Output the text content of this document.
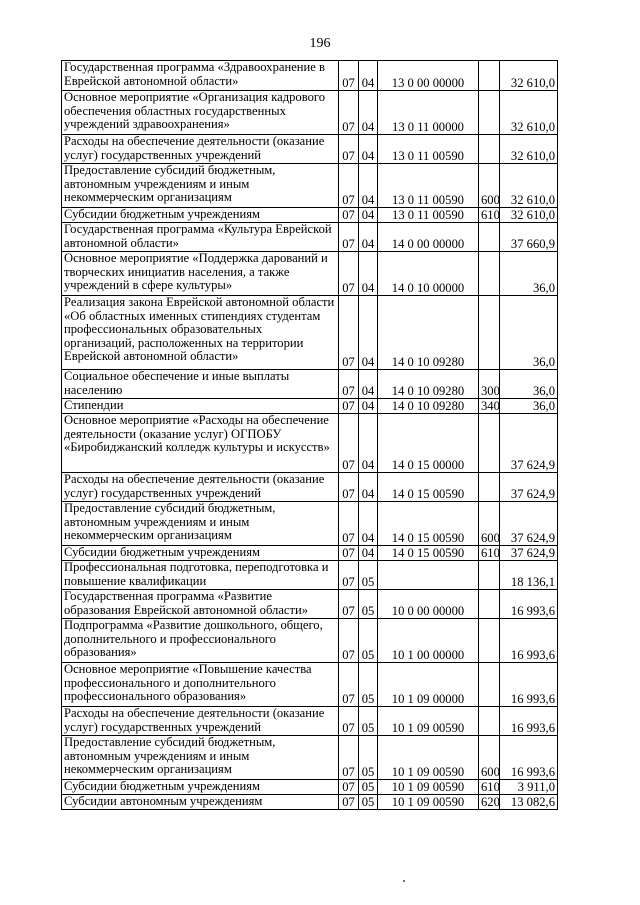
196
Государственная программа «Здравоохранение в Еврейской автономной области»	07	04	13 0 00 00000		32 610,0
Основное мероприятие «Организация кадрового обеспечения областных государственных учреждений здравоохранения»	07	04	13 0 11 00000		32 610,0
Расходы на обеспечение деятельности (оказание услуг) государственных учреждений	07	04	13 0 11 00590		32 610,0
Предоставление субсидий бюджетным, автономным учреждениям и иным некоммерческим организациям	07	04	13 0 11 00590	600	32 610,0
Субсидии бюджетным учреждениям	07	04	13 0 11 00590	610	32 610,0
Государственная программа «Культура Еврейской автономной области»	07	04	14 0 00 00000		37 660,9
Основное мероприятие «Поддержка дарований и творческих инициатив населения, а также учреждений в сфере культуры»	07	04	14 0 10 00000		36,0
Реализация закона Еврейской автономной области «Об областных именных стипендиях студентам профессиональных образовательных организаций, расположенных на территории Еврейской автономной области»	07	04	14 0 10 09280		36,0
Социальное обеспечение и иные выплаты населению	07	04	14 0 10 09280	300	36,0
Стипендии	07	04	14 0 10 09280	340	36,0
Основное мероприятие «Расходы на обеспечение деятельности (оказание услуг) ОГПОБУ «Биробиджанский колледж культуры и искусств»	07	04	14 0 15 00000		37 624,9
Расходы на обеспечение деятельности (оказание услуг) государственных учреждений	07	04	14 0 15 00590		37 624,9
Предоставление субсидий бюджетным, автономным учреждениям и иным некоммерческим организациям	07	04	14 0 15 00590	600	37 624,9
Субсидии бюджетным учреждениям	07	04	14 0 15 00590	610	37 624,9
Профессиональная подготовка, переподготовка и повышение квалификации	07	05			18 136,1
Государственная программа «Развитие образования Еврейской автономной области»	07	05	10 0 00 00000		16 993,6
Подпрограмма «Развитие дошкольного, общего, дополнительного и профессионального образования»	07	05	10 1 00 00000		16 993,6
Основное мероприятие «Повышение качества профессионального и дополнительного профессионального образования»	07	05	10 1 09 00000		16 993,6
Расходы на обеспечение деятельности (оказание услуг) государственных учреждений	07	05	10 1 09 00590		16 993,6
Предоставление субсидий бюджетным, автономным учреждениям и иным некоммерческим организациям	07	05	10 1 09 00590	600	16 993,6
Субсидии бюджетным учреждениям	07	05	10 1 09 00590	610	3 911,0
Субсидии автономным учреждениям	07	05	10 1 09 00590	620	13 082,6
